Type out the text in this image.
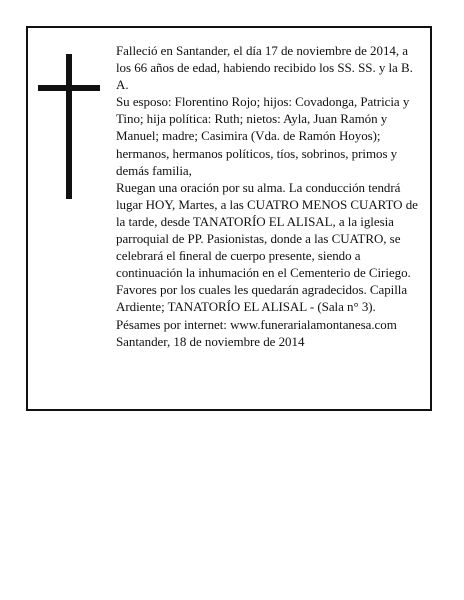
Falleció en Santander, el día 17 de noviembre de 2014, a los 66 años de edad, habiendo recibido los SS. SS. y la B. A.

Su esposo: Florentino Rojo; hijos: Covadonga, Patricia y Tino; hija política: Ruth; nietos: Ayla, Juan Ramón y Manuel; madre; Casimira (Vda. de Ramón Hoyos); hermanos, hermanos políticos, tíos, sobrinos, primos y demás familia,

Ruegan una oración por su alma. La conducción tendrá lugar HOY, Martes, a las CUATRO MENOS CUARTO de la tarde, desde TANATORÍO EL ALISAL, a la iglesia parroquial de PP. Pasionistas, donde a las CUATRO, se celebrará el ﬁneral de cuerpo presente, siendo a continuación la inhumación en el Cementerio de Ciriego. Favores por los cuales les quedarán agradecidos. Capilla Ardiente; TANATORÍO EL ALISAL - (Sala n° 3).

Pésames por internet: www.funerarialamontanesa.com

Santander, 18 de noviembre de 2014
